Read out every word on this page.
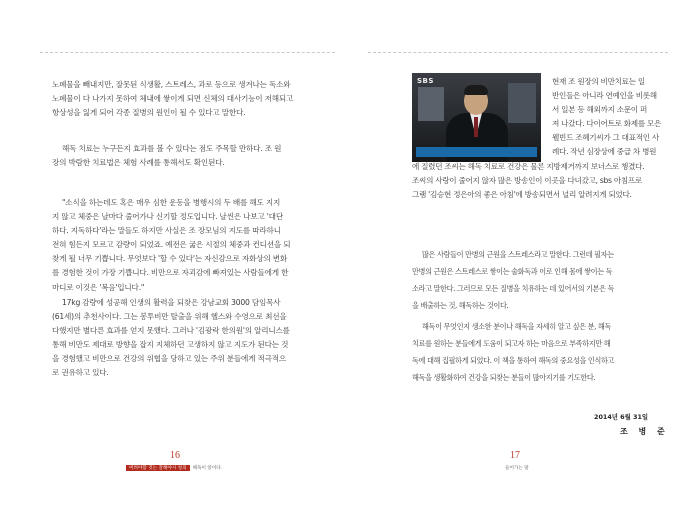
노폐물을 빼내지만, 잘못된 식생활, 스트레스, 과로 등으로 생겨나는 독소와
노폐물이 다 나가지 못하여 체내에 쌓이게 되면 신체의 대사기능이 저해되고
항상성을 잃게 되어 각종 질병의 원인이 될 수 있다고 말한다.
해독 치료는 누구든지 효과를 볼 수 있다는 점도 주목할 만하다. 조 원
장의 박람한 치료법은 체험 사례를 통해서도 확인된다.
"소식을 하는데도 혹은 매우 심한 운동을 병행시의 두 배를 해도 지지
지 않고 체중은 날마다 줄어가나 신기할 정도입니다. 날씬은 나보고 '대단
하다. 지독하다'라는 말들도 하지만 사실은 조 장모님의 지도를 따라하니
전혀 힘든지 모르고 감량이 되었죠. 예전은 굶은 시절의 체중과 컨디션을 되
찾게 될 너무 기쁩니다. 무엇보다 '할 수 있다'는 자신감으로 자화상의 변화
를 경험한 것이 가장 기쁩니다. 비만으로 자괴감에 빠져있는 사람들에게 한
마디로 이것은 '복음'입니다."
17kg 감량에 성공해 인생의 활력을 되찾은 강남교회 3000 담임목사
(61세)의 추천사이다. 그는 봉투비만 탈출을 위해 헬스와 수영으로 최선을
다했지만 별다른 효과를 얻지 못했다. 그러나 '김광락 한의원'의 알리니스를
통해 비만도 제대로 방향을 잡지 지체하던 고생하지 않고 지도가 된다는 것
을 경험했고 비만으로 건강의 위협을 당하고 있는 주위 분들에게 적극적으
로 권유하고 있다.
16
버려야할 것는 잘해야시 청의 해독이 알이다.
SBS	현재 조 원장의 비만치료는 일
반인들은 아니라 연예인을 비롯해
서 일본 등 해외까지 소문이 퍼
져 나갔다. 다이어트로 화제를 모은
웰빈드 조혜기씨가 그 대표적인 사
례다. 작년 심장상에 중급 차 병원
에 질렸던 조씨는 해독 치료로 건강은 물론 지방제거까지 보너스로 챙겼다.
조씨의 사랑이 줄어지 않자 많은 방송인이 이곳을 다녀갔고, sbs 아침프로
그램 '김승현 정은아의 좋은 아침'에 방송되면서 널리 알려지게 되었다.
많은 사람들이 만병의 근원을 스트레스라고 말한다. 그런데 필자는
만병의 근원은 스트레스로 쌓이는 술화독과 이로 인해 몸에 쌓이는 독
소라고 말한다. 그러므로 모든 질병을 치유하는 데 있어서의 기본은 독
을 배출하는 것, 해독하는 것이다.
해독이 무엇인지 생소한 분이나 해독을 자세히 알고 싶은 분, 해독
치료를 원하는 분들에게 도움이 되고자 하는 마음으로 부족하지만 해
독에 대해 집필하게 되었다. 이 책을 통하여 해독의 중요성을 인식하고
해독을 생활화하여 건강을 되찾는 분들이 많아지기를 기도한다.
2014년 6월 31일
조 병 준
17
들어가는 말
